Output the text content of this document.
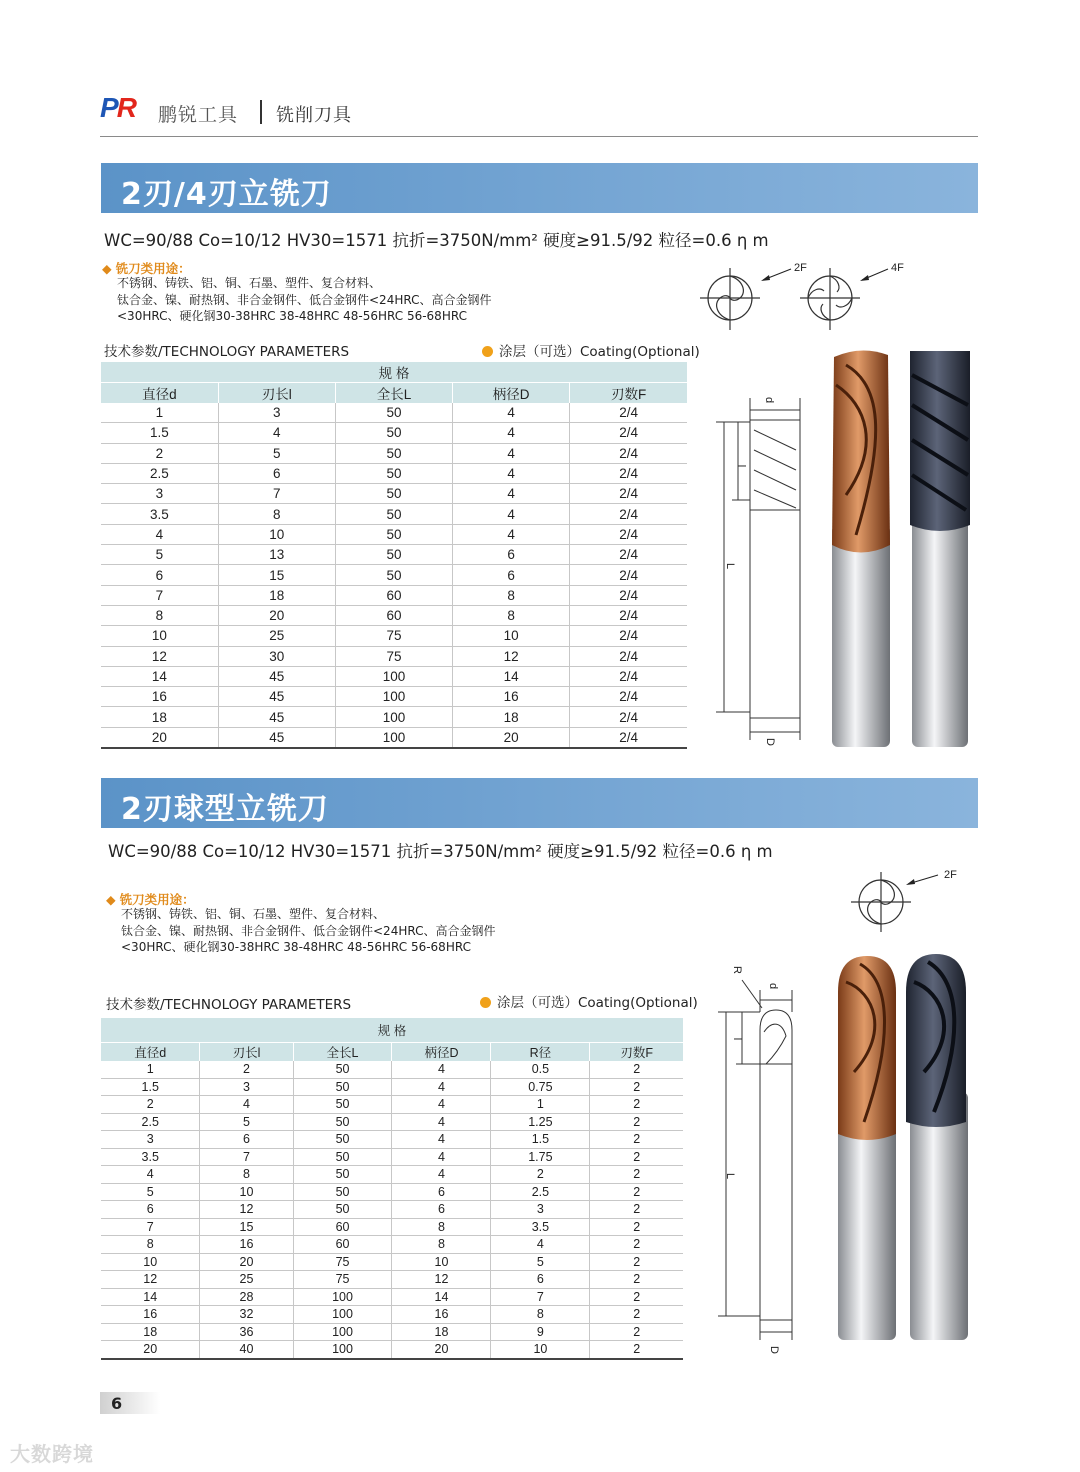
PR 鹏锐工具 铣削刀具
2刃/4刃立铣刀
WC=90/88 Co=10/12 HV30=1571 抗折=3750N/mm² 硬度≥91.5/92 粒径=0.6 η m
◆ 铣刀类用途：
不锈钢、铸铁、铝、铜、石墨、塑件、复合材料、
钛合金、镍、耐热钢、非合金钢件、低合金钢件<24HRC、高合金钢件
<30HRC、硬化钢30-38HRC 38-48HRC 48-56HRC 56-68HRC
技术参数/TECHNOLOGY PARAMETERS	涂层（可选）Coating(Optional)
规 格				
直径d	刃长l	全长L	柄径D	刃数F
1	3	50	4	2/4
1.5	4	50	4	2/4
2	5	50	4	2/4
2.5	6	50	4	2/4
3	7	50	4	2/4
3.5	8	50	4	2/4
4	10	50	4	2/4
5	13	50	6	2/4
6	15	50	6	2/4
7	18	60	8	2/4
8	20	60	8	2/4
10	25	75	10	2/4
12	30	75	12	2/4
14	45	100	14	2/4
16	45	100	16	2/4
18	45	100	18	2/4
20	45	100	20	2/4
2F	4F
d
l
L
D
2刃球型立铣刀
WC=90/88 Co=10/12 HV30=1571 抗折=3750N/mm² 硬度≥91.5/92 粒径=0.6 η m
◆ 铣刀类用途：
不锈钢、铸铁、铝、铜、石墨、塑件、复合材料、
钛合金、镍、耐热钢、非合金钢件、低合金钢件<24HRC、高合金钢件
<30HRC、硬化钢30-38HRC 38-48HRC 48-56HRC 56-68HRC
技术参数/TECHNOLOGY PARAMETERS	涂层（可选）Coating(Optional)
规 格					
直径d	刃长l	全长L	柄径D	R径	刃数F
1	2	50	4	0.5	2
1.5	3	50	4	0.75	2
2	4	50	4	1	2
2.5	5	50	4	1.25	2
3	6	50	4	1.5	2
3.5	7	50	4	1.75	2
4	8	50	4	2	2
5	10	50	6	2.5	2
6	12	50	6	3	2
7	15	60	8	3.5	2
8	16	60	8	4	2
10	20	75	10	5	2
12	25	75	12	6	2
14	28	100	14	7	2
16	32	100	16	8	2
18	36	100	18	9	2
20	40	100	20	10	2
2F
R
d
l
L
D
6
大数跨境
